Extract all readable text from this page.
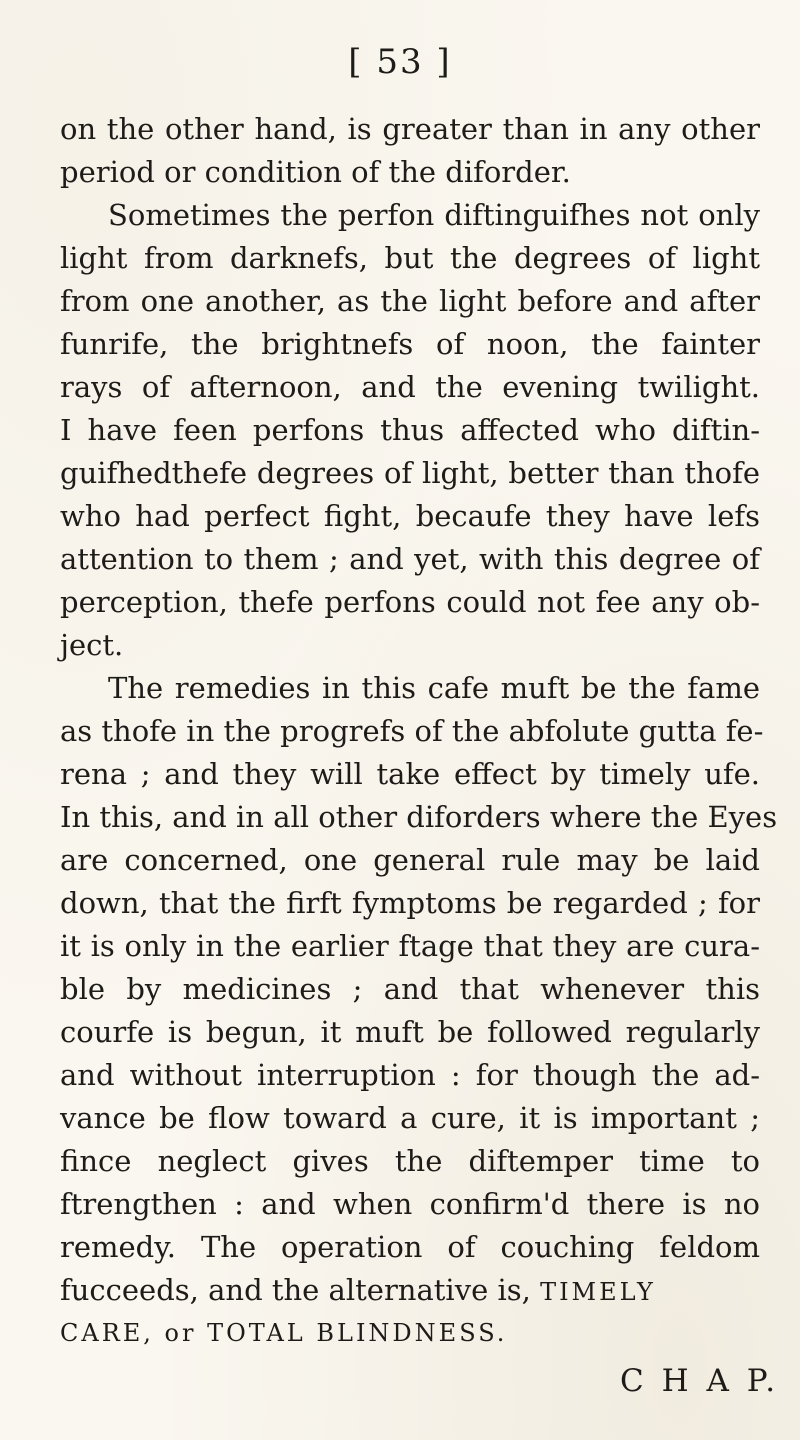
[ 53 ]
on the other hand, is greater than in any other
period or condition of the diforder.
Sometimes the perfon diftinguifhes not only
light from darknefs, but the degrees of light
from one another, as the light before and after
funrife, the brightnefs of noon, the fainter
rays of afternoon, and the evening twilight.
I have feen perfons thus affected who diftin-
guifhedthefe degrees of light, better than thofe
who had perfect fight, becaufe they have lefs
attention to them ; and yet, with this degree of
perception, thefe perfons could not fee any ob-
ject.
The remedies in this cafe muft be the fame
as thofe in the progrefs of the abfolute gutta fe-
rena ; and they will take effect by timely ufe.
In this, and in all other diforders where the Eyes
are concerned, one general rule may be laid
down, that the firft fymptoms be regarded ; for
it is only in the earlier ftage that they are cura-
ble by medicines ; and that whenever this
courfe is begun, it muft be followed regularly
and without interruption : for though the ad-
vance be flow toward a cure, it is important ;
fince neglect gives the diftemper time to
ftrengthen : and when confirm'd there is no
remedy. The operation of couching feldom
fucceeds, and the alternative is, TIMELY
CARE, or TOTAL BLINDNESS.
C H A P.
